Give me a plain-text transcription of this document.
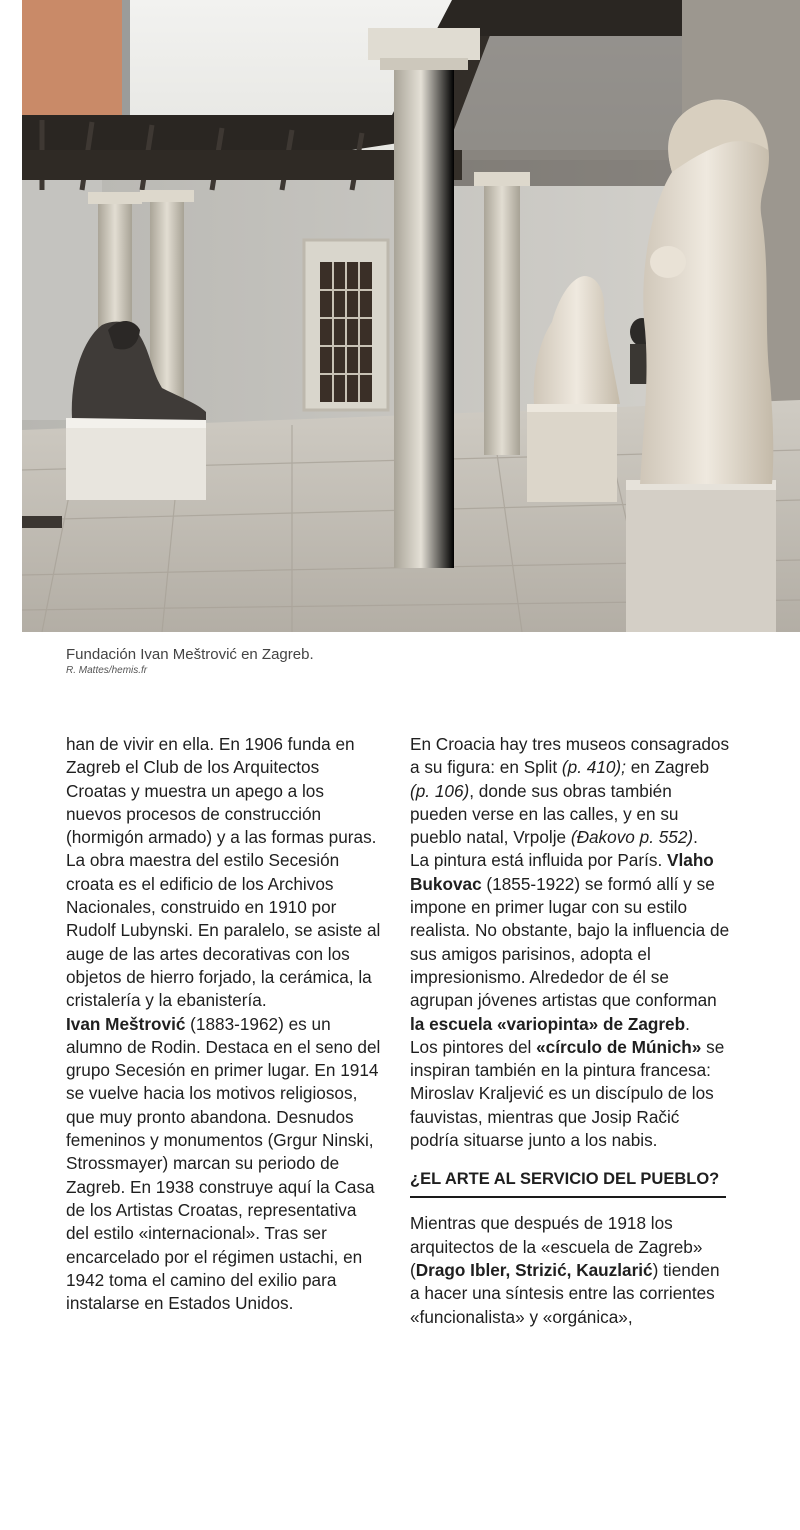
Fundación Ivan Meštrović en Zagreb.
R. Mattes/hemis.fr

han de vivir en ella. En 1906 funda en Zagreb el Club de los Arquitectos Croatas y muestra un apego a los nuevos procesos de construcción (hormigón armado) y a las formas puras.

La obra maestra del estilo Secesión croata es el edificio de los Archivos Nacionales, construido en 1910 por Rudolf Lubynski. En paralelo, se asiste al auge de las artes decorativas con los objetos de hierro forjado, la cerámica, la cristalería y la ebanistería.

Ivan Meštrović (1883-1962) es un alumno de Rodin. Destaca en el seno del grupo Secesión en primer lugar. En 1914 se vuelve hacia los motivos religiosos, que muy pronto abandona. Desnudos femeninos y monumentos (Grgur Ninski, Strossmayer) marcan su periodo de Zagreb. En 1938 construye aquí la Casa de los Artistas Croatas, representativa del estilo «internacional». Tras ser encarcelado por el régimen ustachi, en 1942 toma el camino del exilio para instalarse en Estados Unidos.

En Croacia hay tres museos consagrados a su figura: en Split (p. 410); en Zagreb (p. 106), donde sus obras también pueden verse en las calles, y en su pueblo natal, Vrpolje (Đakovo p. 552).

La pintura está influida por París. Vlaho Bukovac (1855-1922) se formó allí y se impone en primer lugar con su estilo realista. No obstante, bajo la influencia de sus amigos parisinos, adopta el impresionismo. Alrededor de él se agrupan jóvenes artistas que conforman la escuela «variopinta» de Zagreb.

Los pintores del «círculo de Múnich» se inspiran también en la pintura francesa: Miroslav Kraljević es un discípulo de los fauvistas, mientras que Josip Račić podría situarse junto a los nabis.

¿EL ARTE AL SERVICIO DEL PUEBLO?

Mientras que después de 1918 los arquitectos de la «escuela de Zagreb» (Drago Ibler, Strizić, Kauzlarić) tienden a hacer una síntesis entre las corrientes «funcionalista» y «orgánica»,
